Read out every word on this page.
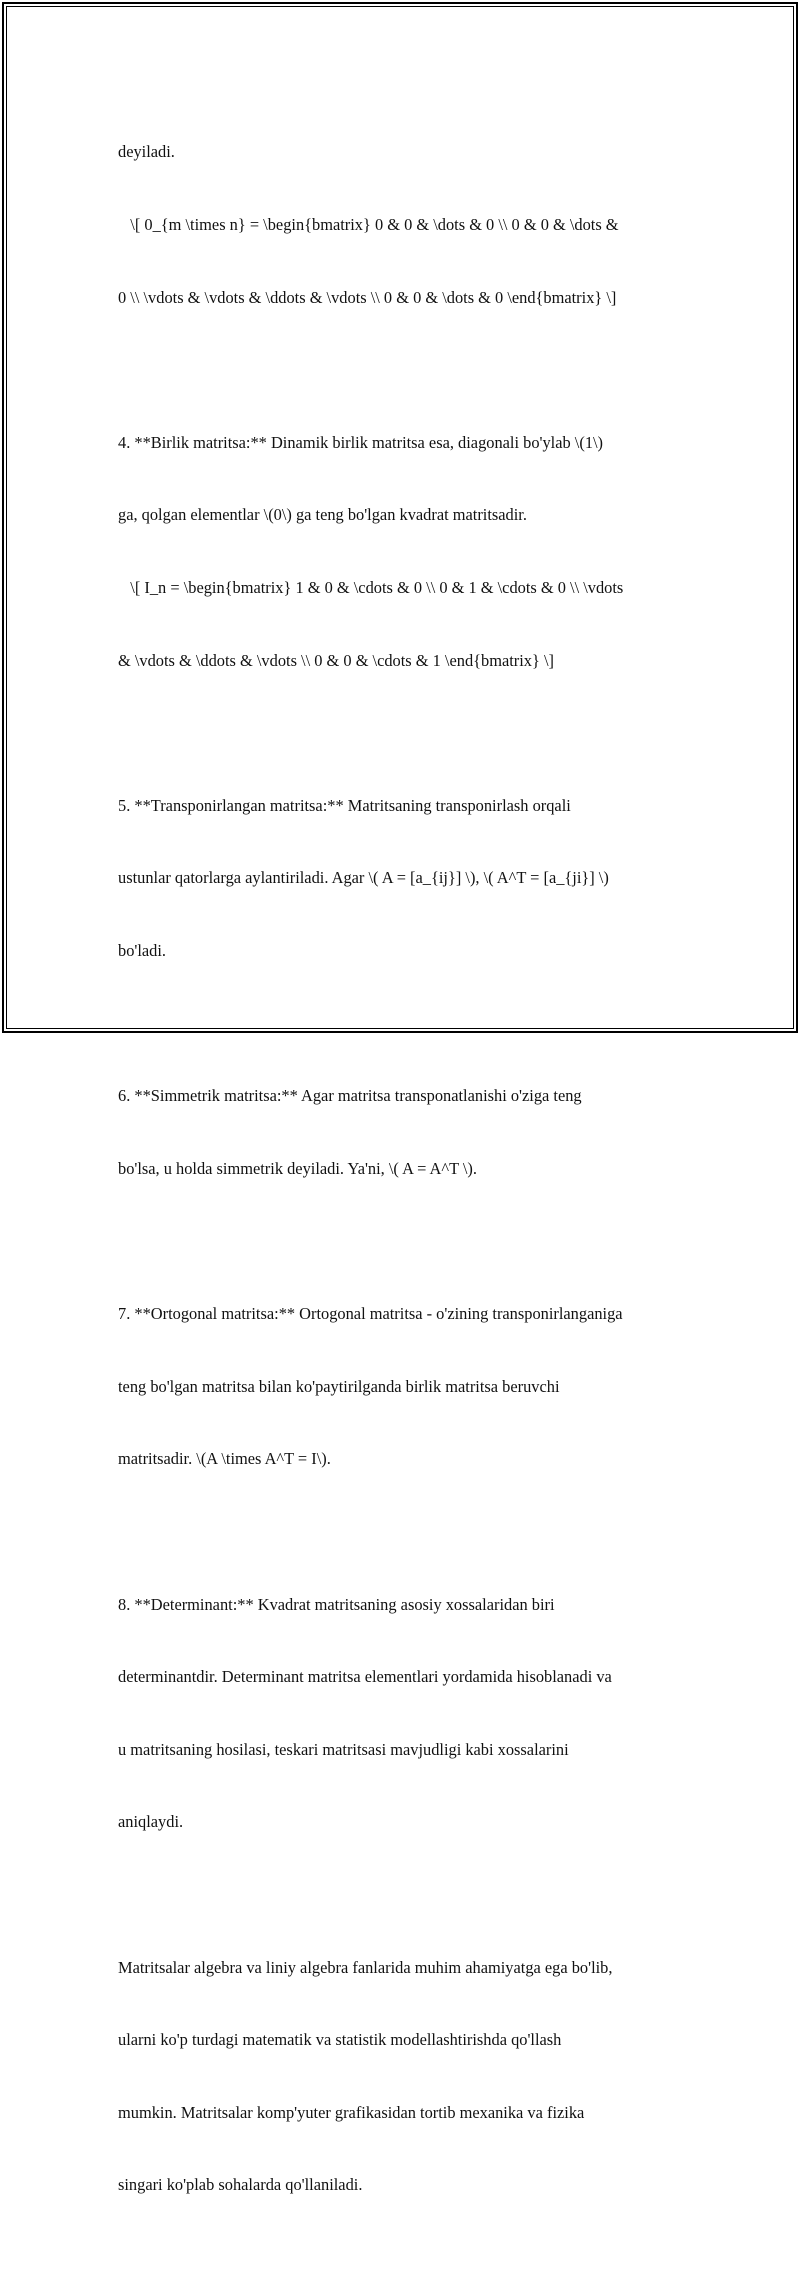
deyiladi.

\[ 0_{m \times n} = \begin{bmatrix} 0 & 0 & \dots & 0 \\ 0 & 0 & \dots &

0 \\ \vdots & \vdots & \ddots & \vdots \\ 0 & 0 & \dots & 0 \end{bmatrix} \]

4. **Birlik matritsa:** Dinamik birlik matritsa esa, diagonali bo'ylab \(1\)

ga, qolgan elementlar \(0\) ga teng bo'lgan kvadrat matritsadir.

\[ I_n = \begin{bmatrix} 1 & 0 & \cdots & 0 \\ 0 & 1 & \cdots & 0 \\ \vdots

& \vdots & \ddots & \vdots \\ 0 & 0 & \cdots & 1 \end{bmatrix} \]

5. **Transponirlangan matritsa:** Matritsaning transponirlash orqali

ustunlar qatorlarga aylantiriladi. Agar \( A = [a_{ij}] \), \( A^T = [a_{ji}] \)

bo'ladi.

6. **Simmetrik matritsa:** Agar matritsa transponatlanishi o'ziga teng

bo'lsa, u holda simmetrik deyiladi. Ya'ni, \( A = A^T \).

7. **Ortogonal matritsa:** Ortogonal matritsa - o'zining transponirlanganiga

teng bo'lgan matritsa bilan ko'paytirilganda birlik matritsa beruvchi

matritsadir. \(A \times A^T = I\).

8. **Determinant:** Kvadrat matritsaning asosiy xossalaridan biri

determinantdir. Determinant matritsa elementlari yordamida hisoblanadi va

u matritsaning hosilasi, teskari matritsasi mavjudligi kabi xossalarini

aniqlaydi.

Matritsalar algebra va liniy algebra fanlarida muhim ahamiyatga ega bo'lib,

ularni ko'p turdagi matematik va statistik modellashtirishda qo'llash

mumkin. Matritsalar komp'yuter grafikasidan tortib mexanika va fizika

singari ko'plab sohalarda qo'llaniladi.
